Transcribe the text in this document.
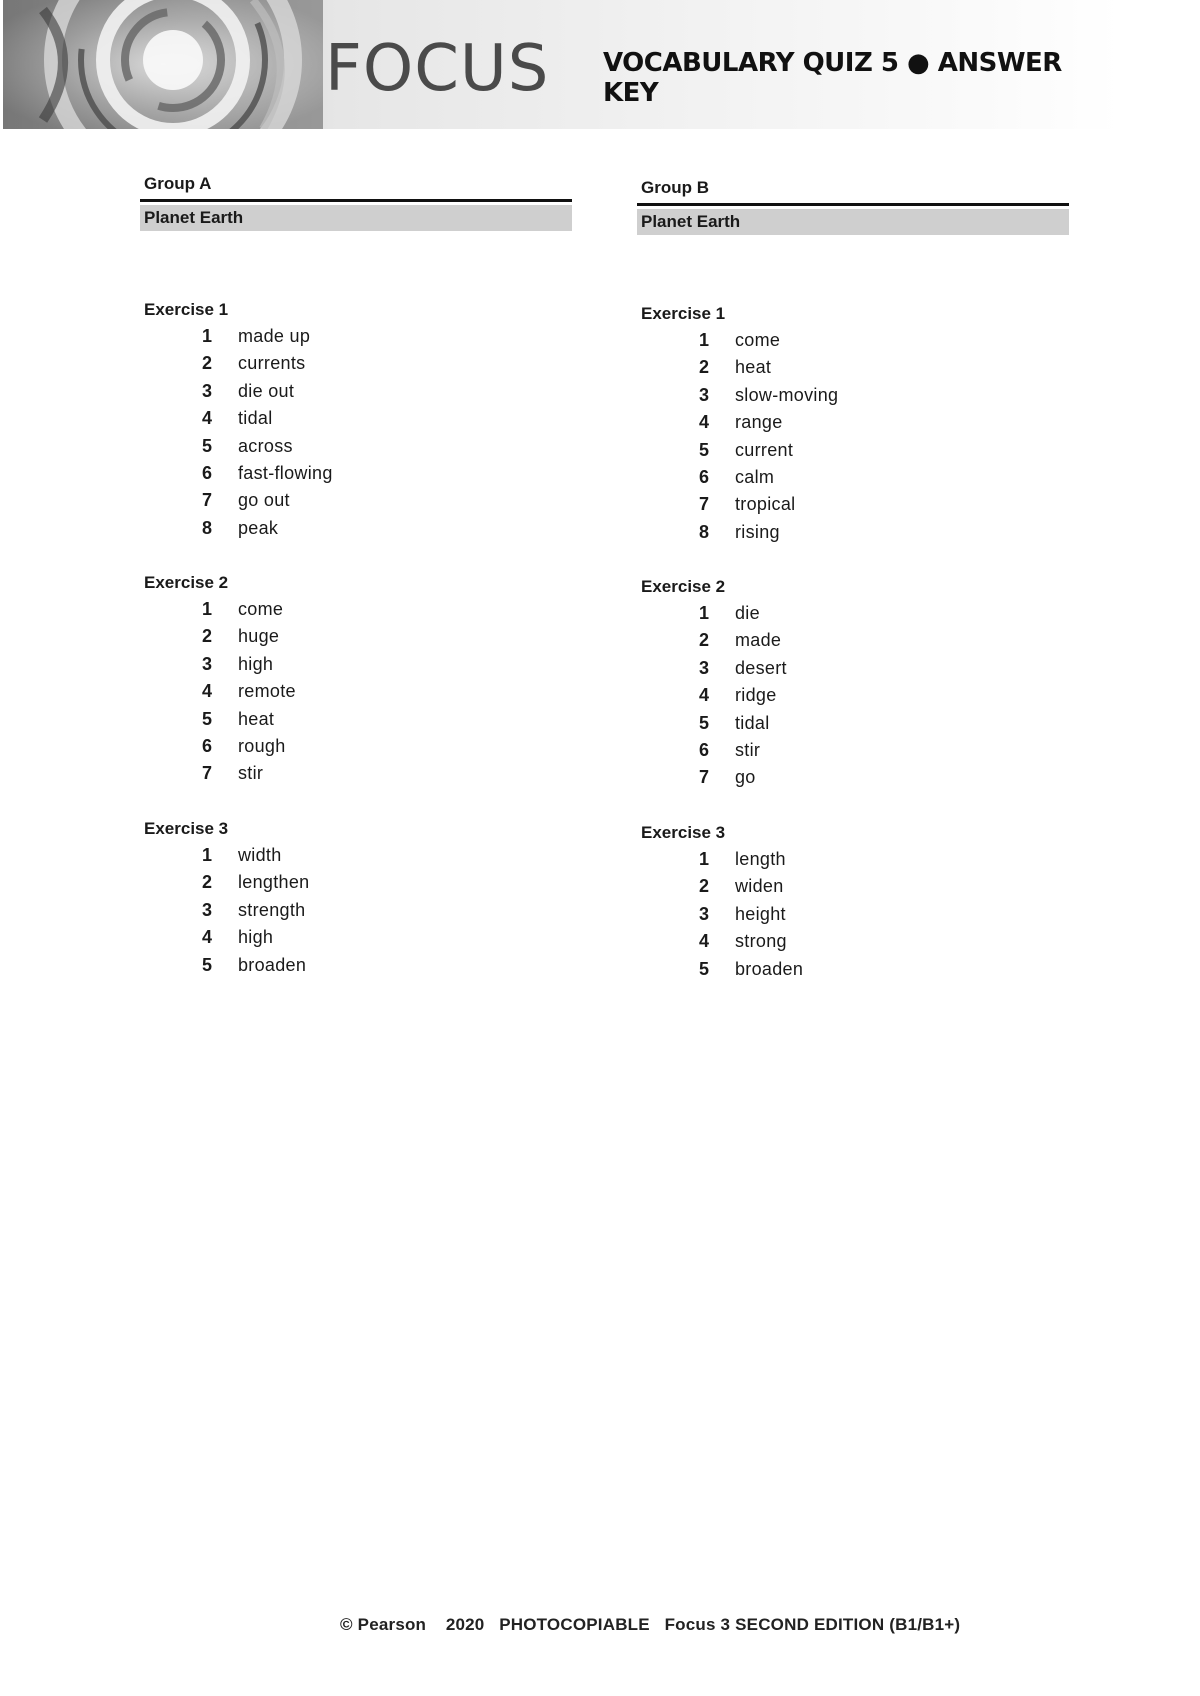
FOCUS VOCABULARY QUIZ 5 ● ANSWER KEY
Group A
Planet Earth
Exercise 1
1	made up
2	currents
3	die out
4	tidal
5	across
6	fast-flowing
7	go out
8	peak
Exercise 2
1	come
2	huge
3	high
4	remote
5	heat
6	rough
7	stir
Exercise 3
1	width
2	lengthen
3	strength
4	high
5	broaden
Group B
Planet Earth
Exercise 1
1	come
2	heat
3	slow-moving
4	range
5	current
6	calm
7	tropical
8	rising
Exercise 2
1	die
2	made
3	desert
4	ridge
5	tidal
6	stir
7	go
Exercise 3
1	length
2	widen
3	height
4	strong
5	broaden
© Pearson    2020   PHOTOCOPIABLE   Focus 3 SECOND EDITION (B1/B1+)
